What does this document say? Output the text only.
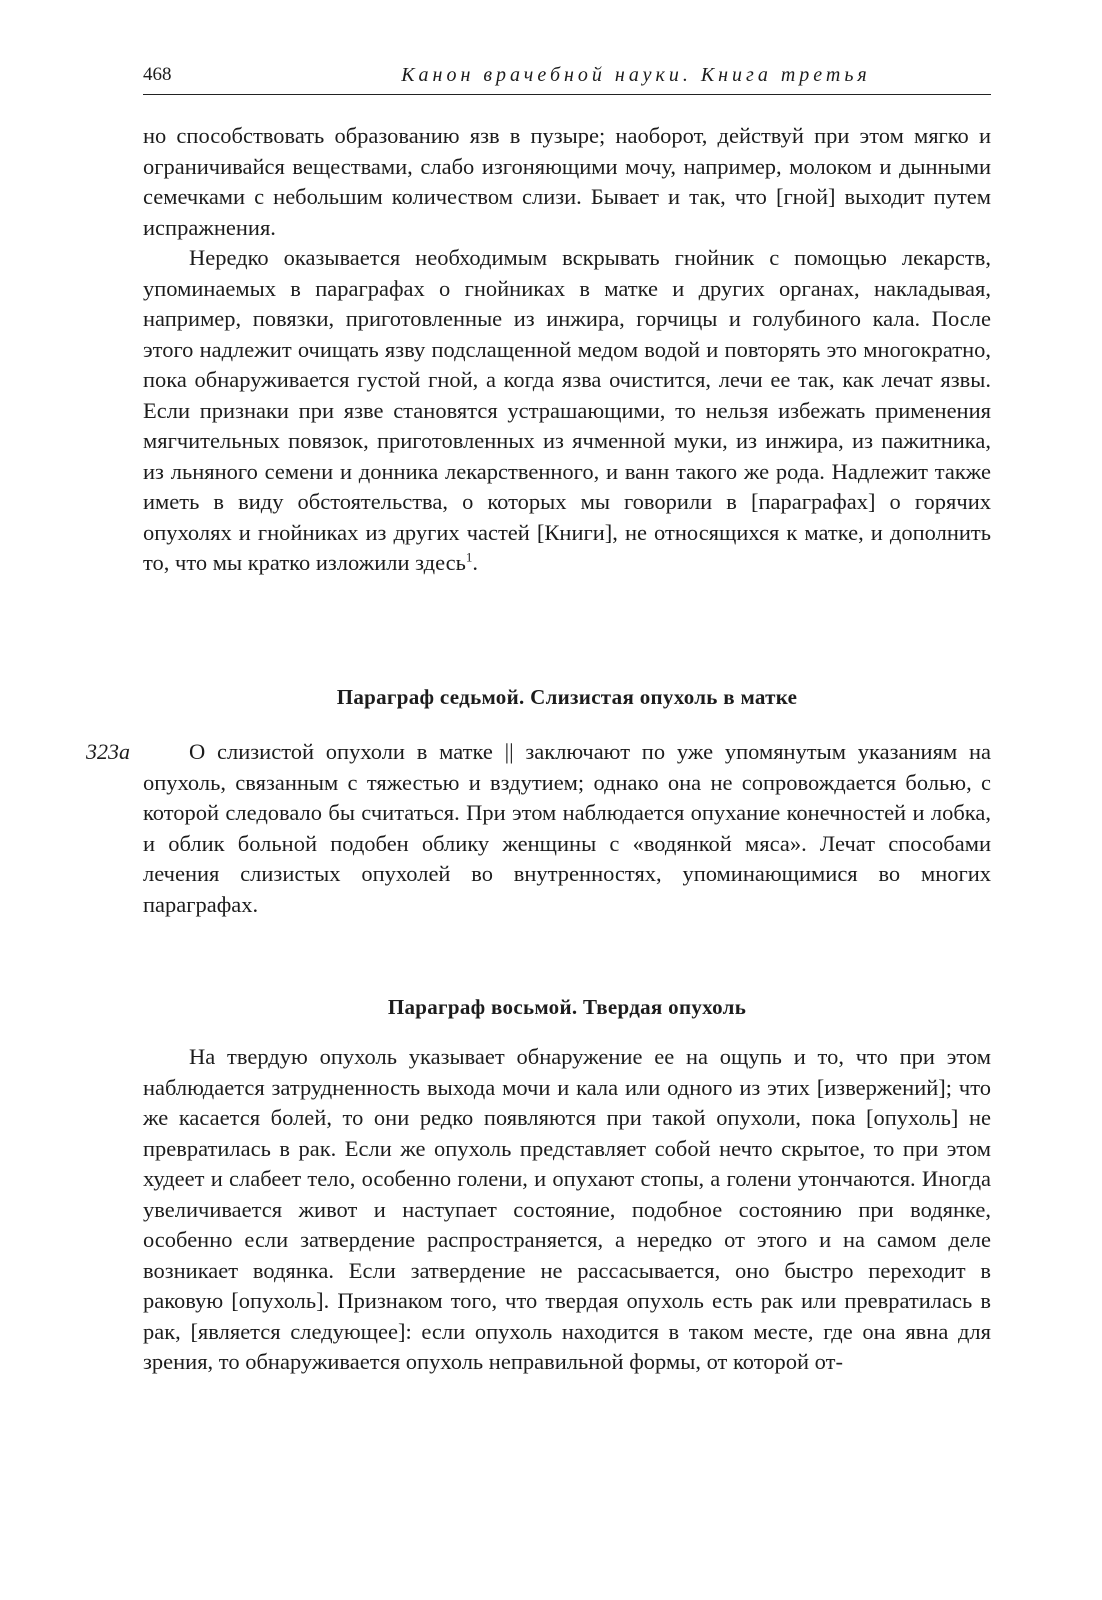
468	Канон врачебной науки. Книга третья

но способствовать образованию язв в пузыре; наоборот, действуй при этом мягко и ограничивайся веществами, слабо изгоняющими мочу, например, молоком и дынными семечками с небольшим количеством слизи. Бывает и так, что [гной] выходит путем испражнения.

Нередко оказывается необходимым вскрывать гнойник с помощью лекарств, упоминаемых в параграфах о гнойниках в матке и других органах, накладывая, например, повязки, приготовленные из инжира, горчицы и голубиного кала. После этого надлежит очищать язву подслащенной медом водой и повторять это многократно, пока обнаруживается густой гной, а когда язва очистится, лечи ее так, как лечат язвы. Если признаки при язве становятся устрашающими, то нельзя избежать применения мягчительных повязок, приготовленных из ячменной муки, из инжира, из пажитника, из льняного семени и донника лекарственного, и ванн такого же рода. Надлежит также иметь в виду обстоятельства, о которых мы говорили в [параграфах] о горячих опухолях и гнойниках из других частей [Книги], не относящихся к матке, и дополнить то, что мы кратко изложили здесь$^1$.

Параграф седьмой. Слизистая опухоль в матке
323a	О слизистой опухоли в матке || заключают по уже упомянутым указаниям на опухоль, связанным с тяжестью и вздутием; однако она не сопровождается болью, с которой следовало бы считаться. При этом наблюдается опухание конечностей и лобка, и облик больной подобен облику женщины с «водянкой мяса». Лечат способами лечения слизистых опухолей во внутренностях, упоминающимися во многих параграфах.

Параграф восьмой. Твердая опухоль

На твердую опухоль указывает обнаружение ее на ощупь и то, что при этом наблюдается затрудненность выхода мочи и кала или одного из этих [извержений]; что же касается болей, то они редко появляются при такой опухоли, пока [опухоль] не превратилась в рак. Если же опухоль представляет собой нечто скрытое, то при этом худеет и слабеет тело, особенно голени, и опухают стопы, а голени утончаются. Иногда увеличивается живот и наступает состояние, подобное состоянию при водянке, особенно если затвердение распространяется, а нередко от этого и на самом деле возникает водянка. Если затвердение не рассасывается, оно быстро переходит в раковую [опухоль]. Признаком того, что твердая опухоль есть рак или превратилась в рак, [является следующее]: если опухоль находится в таком месте, где она явна для зрения, то обнаруживается опухоль неправильной формы, от которой от-
